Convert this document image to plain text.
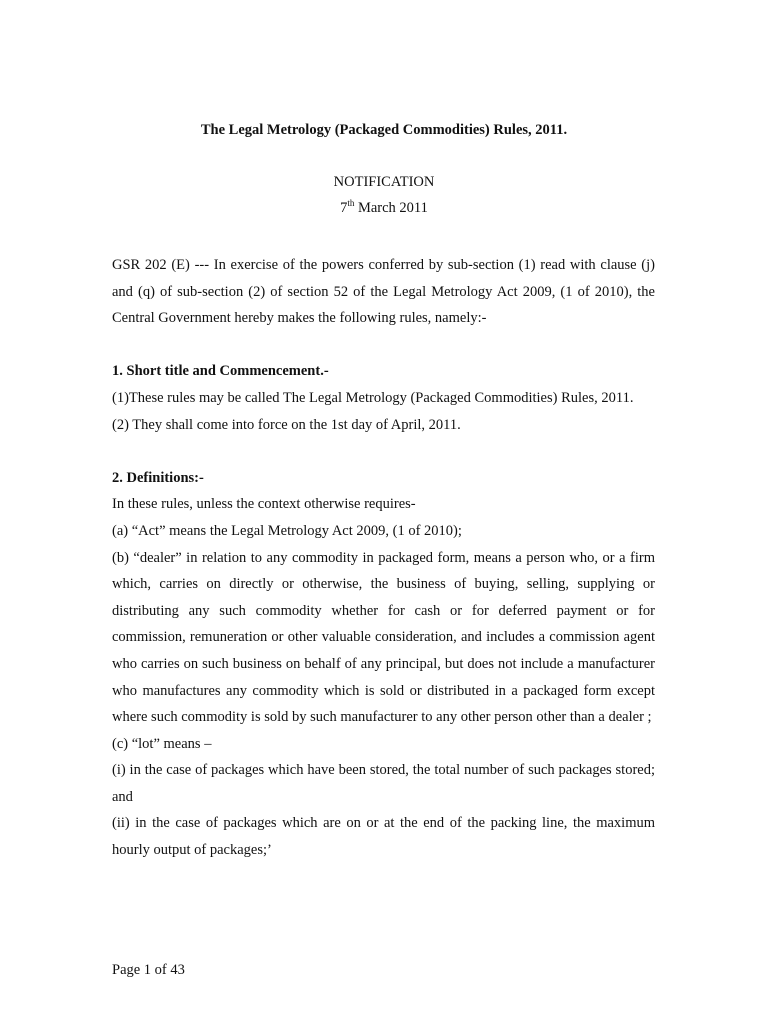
The Legal Metrology (Packaged Commodities) Rules, 2011.
NOTIFICATION
7th March 2011

GSR 202 (E) --- In exercise of the powers conferred by sub-section (1) read with clause (j) and (q) of sub-section (2) of section 52 of the Legal Metrology Act 2009, (1 of 2010), the Central Government hereby makes the following rules, namely:-

1. Short title and Commencement.-

(1)These rules may be called The Legal Metrology (Packaged Commodities) Rules, 2011.

(2) They shall come into force on the 1st day of April, 2011.

2. Definitions:-

In these rules, unless the context otherwise requires-

(a) “Act” means the Legal Metrology Act 2009, (1 of 2010);

(b) “dealer” in relation to any commodity in packaged form, means a person who, or a firm which, carries on directly or otherwise, the business of buying, selling, supplying or distributing any such commodity whether for cash or for deferred payment or for commission, remuneration or other valuable consideration, and includes a commission agent who carries on such business on behalf of any principal, but does not include a manufacturer who manufactures any commodity which is sold or distributed in a packaged form except where such commodity is sold by such manufacturer to any other person other than a dealer ;

(c) “lot” means –

(i) in the case of packages which have been stored, the total number of such packages stored; and

(ii) in the case of packages which are on or at the end of the packing line, the maximum hourly output of packages;’

Page 1 of 43
